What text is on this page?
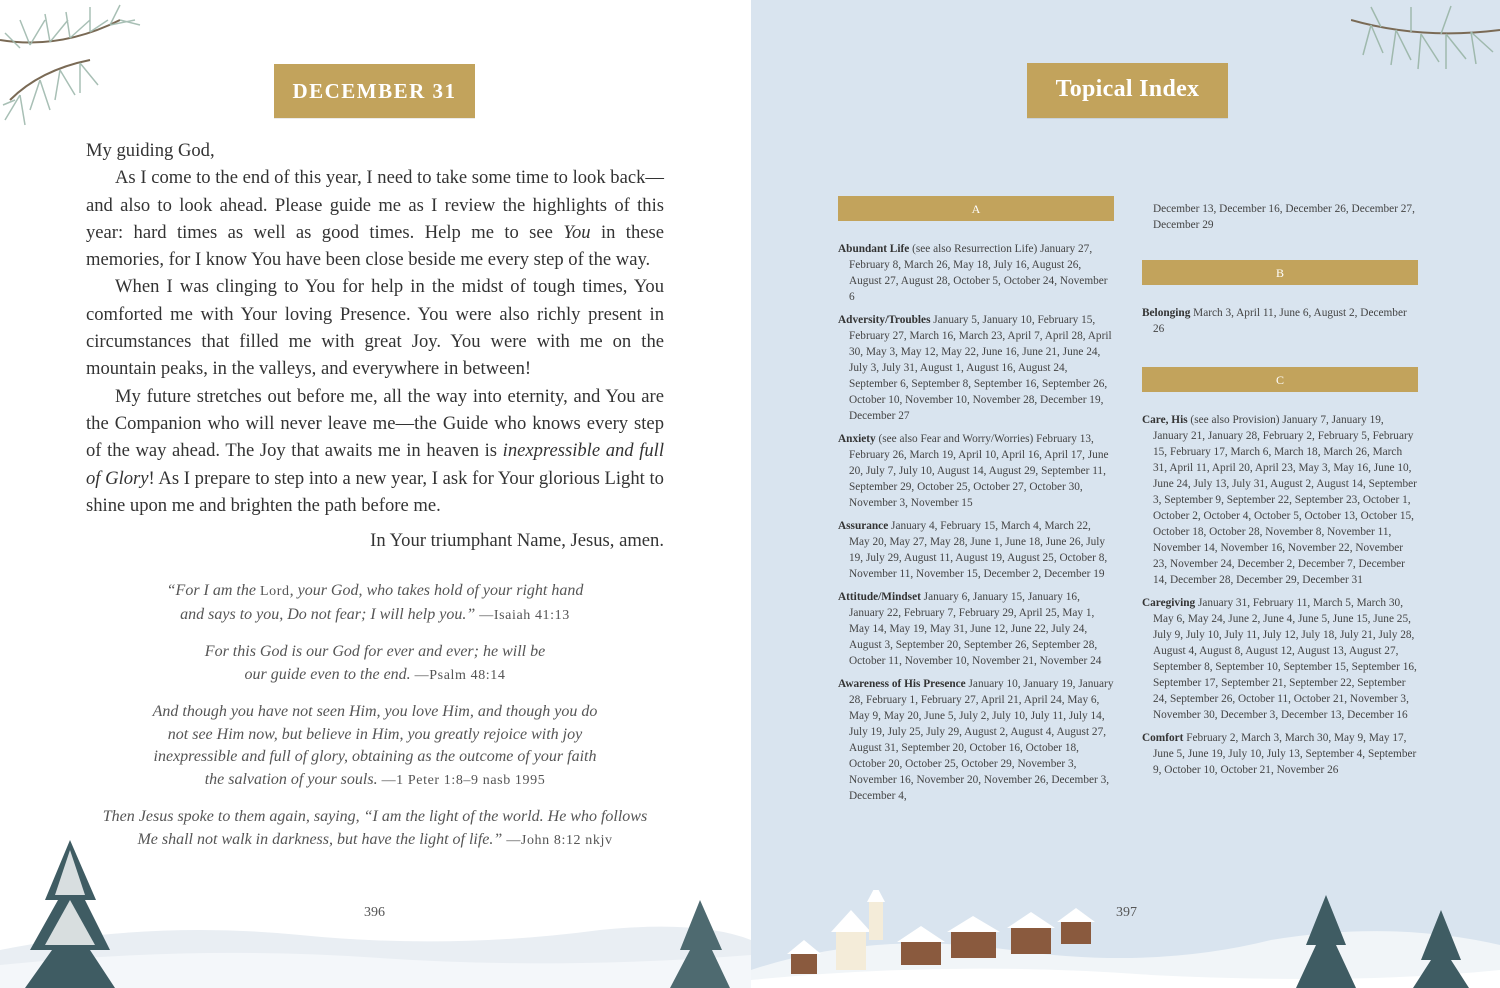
DECEMBER 31

My guiding God,

As I come to the end of this year, I need to take some time to look back—and also to look ahead. Please guide me as I review the highlights of this year: hard times as well as good times. Help me to see You in these memories, for I know You have been close beside me every step of the way.

When I was clinging to You for help in the midst of tough times, You comforted me with Your loving Presence. You were also richly present in circumstances that filled me with great Joy. You were with me on the mountain peaks, in the valleys, and everywhere in between!

My future stretches out before me, all the way into eternity, and You are the Companion who will never leave me—the Guide who knows every step of the way ahead. The Joy that awaits me in heaven is inexpressible and full of Glory! As I prepare to step into a new year, I ask for Your glorious Light to shine upon me and brighten the path before me.

In Your triumphant Name, Jesus, amen.

“For I am the Lord, your God, who takes hold of your right hand and says to you, Do not fear; I will help you.” —Isaiah 41:13
For this God is our God for ever and ever; he will be our guide even to the end. —Psalm 48:14
And though you have not seen Him, you love Him, and though you do not see Him now, but believe in Him, you greatly rejoice with joy inexpressible and full of glory, obtaining as the outcome of your faith the salvation of your souls. —1 Peter 1:8–9 nasb 1995
Then Jesus spoke to them again, saying, “I am the light of the world. He who follows Me shall not walk in darkness, but have the light of life.” —John 8:12 nkjv
396
Topical Index
A
Abundant Life (see also Resurrection Life) January 27, February 8, March 26, May 18, July 16, August 26, August 27, August 28, October 5, October 24, November 6
Adversity/Troubles January 5, January 10, February 15, February 27, March 16, March 23, April 7, April 28, April 30, May 3, May 12, May 22, June 16, June 21, June 24, July 3, July 31, August 1, August 16, August 24, September 6, September 8, September 16, September 26, October 10, November 10, November 28, December 19, December 27
Anxiety (see also Fear and Worry/Worries) February 13, February 26, March 19, April 10, April 16, April 17, June 20, July 7, July 10, August 14, August 29, September 11, September 29, October 25, October 27, October 30, November 3, November 15
Assurance January 4, February 15, March 4, March 22, May 20, May 27, May 28, June 1, June 18, June 26, July 19, July 29, August 11, August 19, August 25, October 8, November 11, November 15, December 2, December 19
Attitude/Mindset January 6, January 15, January 16, January 22, February 7, February 29, April 25, May 1, May 14, May 19, May 31, June 12, June 22, July 24, August 3, September 20, September 26, September 28, October 11, November 10, November 21, November 24
Awareness of His Presence January 10, January 19, January 28, February 1, February 27, April 21, April 24, May 6, May 9, May 20, June 5, July 2, July 10, July 11, July 14, July 19, July 25, July 29, August 2, August 4, August 27, August 31, September 20, October 16, October 18, October 20, October 25, October 29, November 3, November 16, November 20, November 26, December 3, December 4,
December 13, December 16, December 26, December 27, December 29
B
Belonging March 3, April 11, June 6, August 2, December 26
C
Care, His (see also Provision) January 7, January 19, January 21, January 28, February 2, February 5, February 15, February 17, March 6, March 18, March 26, March 31, April 11, April 20, April 23, May 3, May 16, June 10, June 24, July 13, July 31, August 2, August 14, September 3, September 9, September 22, September 23, October 1, October 2, October 4, October 5, October 13, October 15, October 18, October 28, November 8, November 11, November 14, November 16, November 22, November 23, November 24, December 2, December 7, December 14, December 28, December 29, December 31
Caregiving January 31, February 11, March 5, March 30, May 6, May 24, June 2, June 4, June 5, June 15, June 25, July 9, July 10, July 11, July 12, July 18, July 21, July 28, August 4, August 8, August 12, August 13, August 27, September 8, September 10, September 15, September 16, September 17, September 21, September 22, September 24, September 26, October 11, October 21, November 3, November 30, December 3, December 13, December 16
Comfort February 2, March 3, March 30, May 9, May 17, June 5, June 19, July 10, July 13, September 4, September 9, October 10, October 21, November 26
397
